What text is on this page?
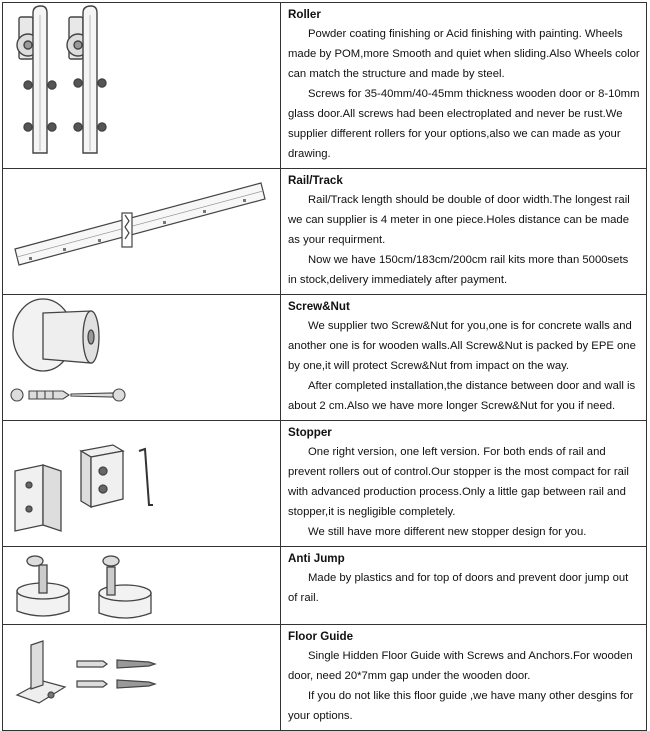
Roller
Powder coating finishing or Acid finishing with painting. Wheels made by POM,more Smooth and quiet when sliding.Also Wheels color can match the structure and made by steel.
Screws for 35-40mm/40-45mm thickness wooden door or 8-10mm glass door.All screws had been electroplated and never be rust.We supplier different rollers for your options,also we can made as your drawing.

Rail/Track
Rail/Track length should be double of door width.The longest rail we can supplier is 4 meter in one piece.Holes distance can be made as your requirment.
Now we have 150cm/183cm/200cm rail kits more than 5000sets in stock,delivery immediately after payment.

Screw&Nut
We supplier two Screw&Nut for you,one is for concrete walls and another one is for wooden walls.All Screw&Nut is packed by EPE one by one,it will protect Screw&Nut from impact on the way.
After completed installation,the distance between door and wall is about 2 cm.Also we have more longer Screw&Nut for you if need.

Stopper
One right version, one left version. For both ends of rail and prevent rollers out of control.Our stopper is the most compact for rail with advanced production process.Only a little gap between rail and stopper,it is negligible completely.
We still have more different new stopper design for you.

Anti Jump
Made by plastics and for top of doors and prevent door jump out of rail.

Floor Guide
Single Hidden Floor Guide with Screws and Anchors.For wooden door, need 20*7mm gap under the wooden door.
If you do not like this floor guide ,we have many other desgins for your options.
